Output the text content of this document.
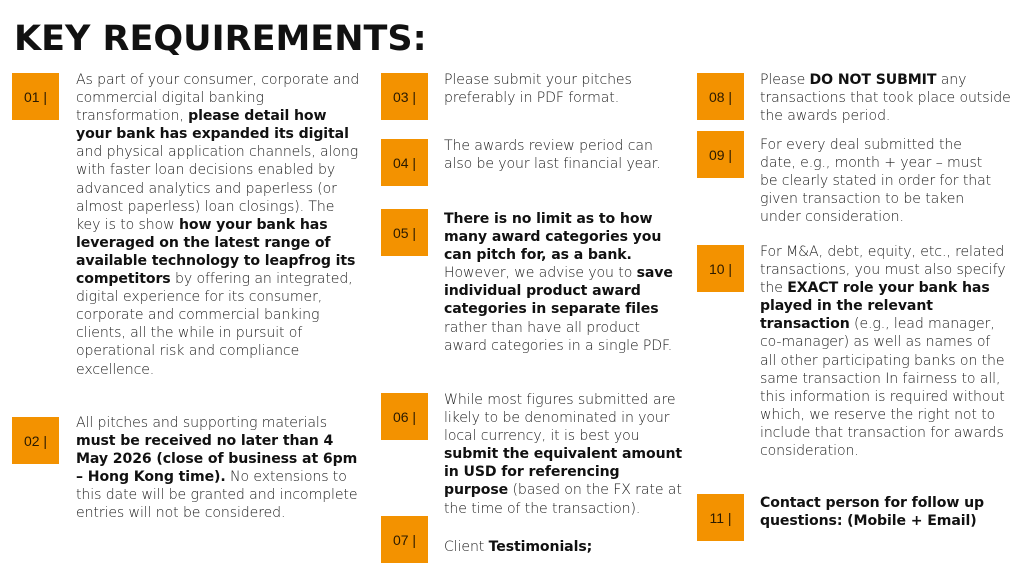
KEY REQUIREMENTS:
01 |
As part of your consumer, corporate and commercial digital banking transformation, please detail how your bank has expanded its digital and physical application channels, along with faster loan decisions enabled by advanced analytics and paperless (or almost paperless) loan closings). The key is to show how your bank has leveraged on the latest range of available technology to leapfrog its competitors by offering an integrated, digital experience for its consumer, corporate and commercial banking clients, all the while in pursuit of operational risk and compliance excellence.
02 |
All pitches and supporting materials must be received no later than 4 May 2026 (close of business at 6pm – Hong Kong time). No extensions to this date will be granted and incomplete entries will not be considered.
03 |
Please submit your pitches preferably in PDF format.
04 |
The awards review period can also be your last financial year.
05 |
There is no limit as to how many award categories you can pitch for, as a bank. However, we advise you to save individual product award categories in separate files rather than have all product award categories in a single PDF.
06 |
While most figures submitted are likely to be denominated in your local currency, it is best you submit the equivalent amount in USD for referencing purpose (based on the FX rate at the time of the transaction).
07 |	Client Testimonials;
08 |
Please DO NOT SUBMIT any transactions that took place outside the awards period.
09 |
For every deal submitted the date, e.g., month + year – must be clearly stated in order for that given transaction to be taken under consideration.
10 |
For M&A, debt, equity, etc., related transactions, you must also specify the EXACT role your bank has played in the relevant transaction (e.g., lead manager, co-manager) as well as names of all other participating banks on the same transaction In fairness to all, this information is required without which, we reserve the right not to include that transaction for awards consideration.
11 |
Contact person for follow up questions: (Mobile + Email)
